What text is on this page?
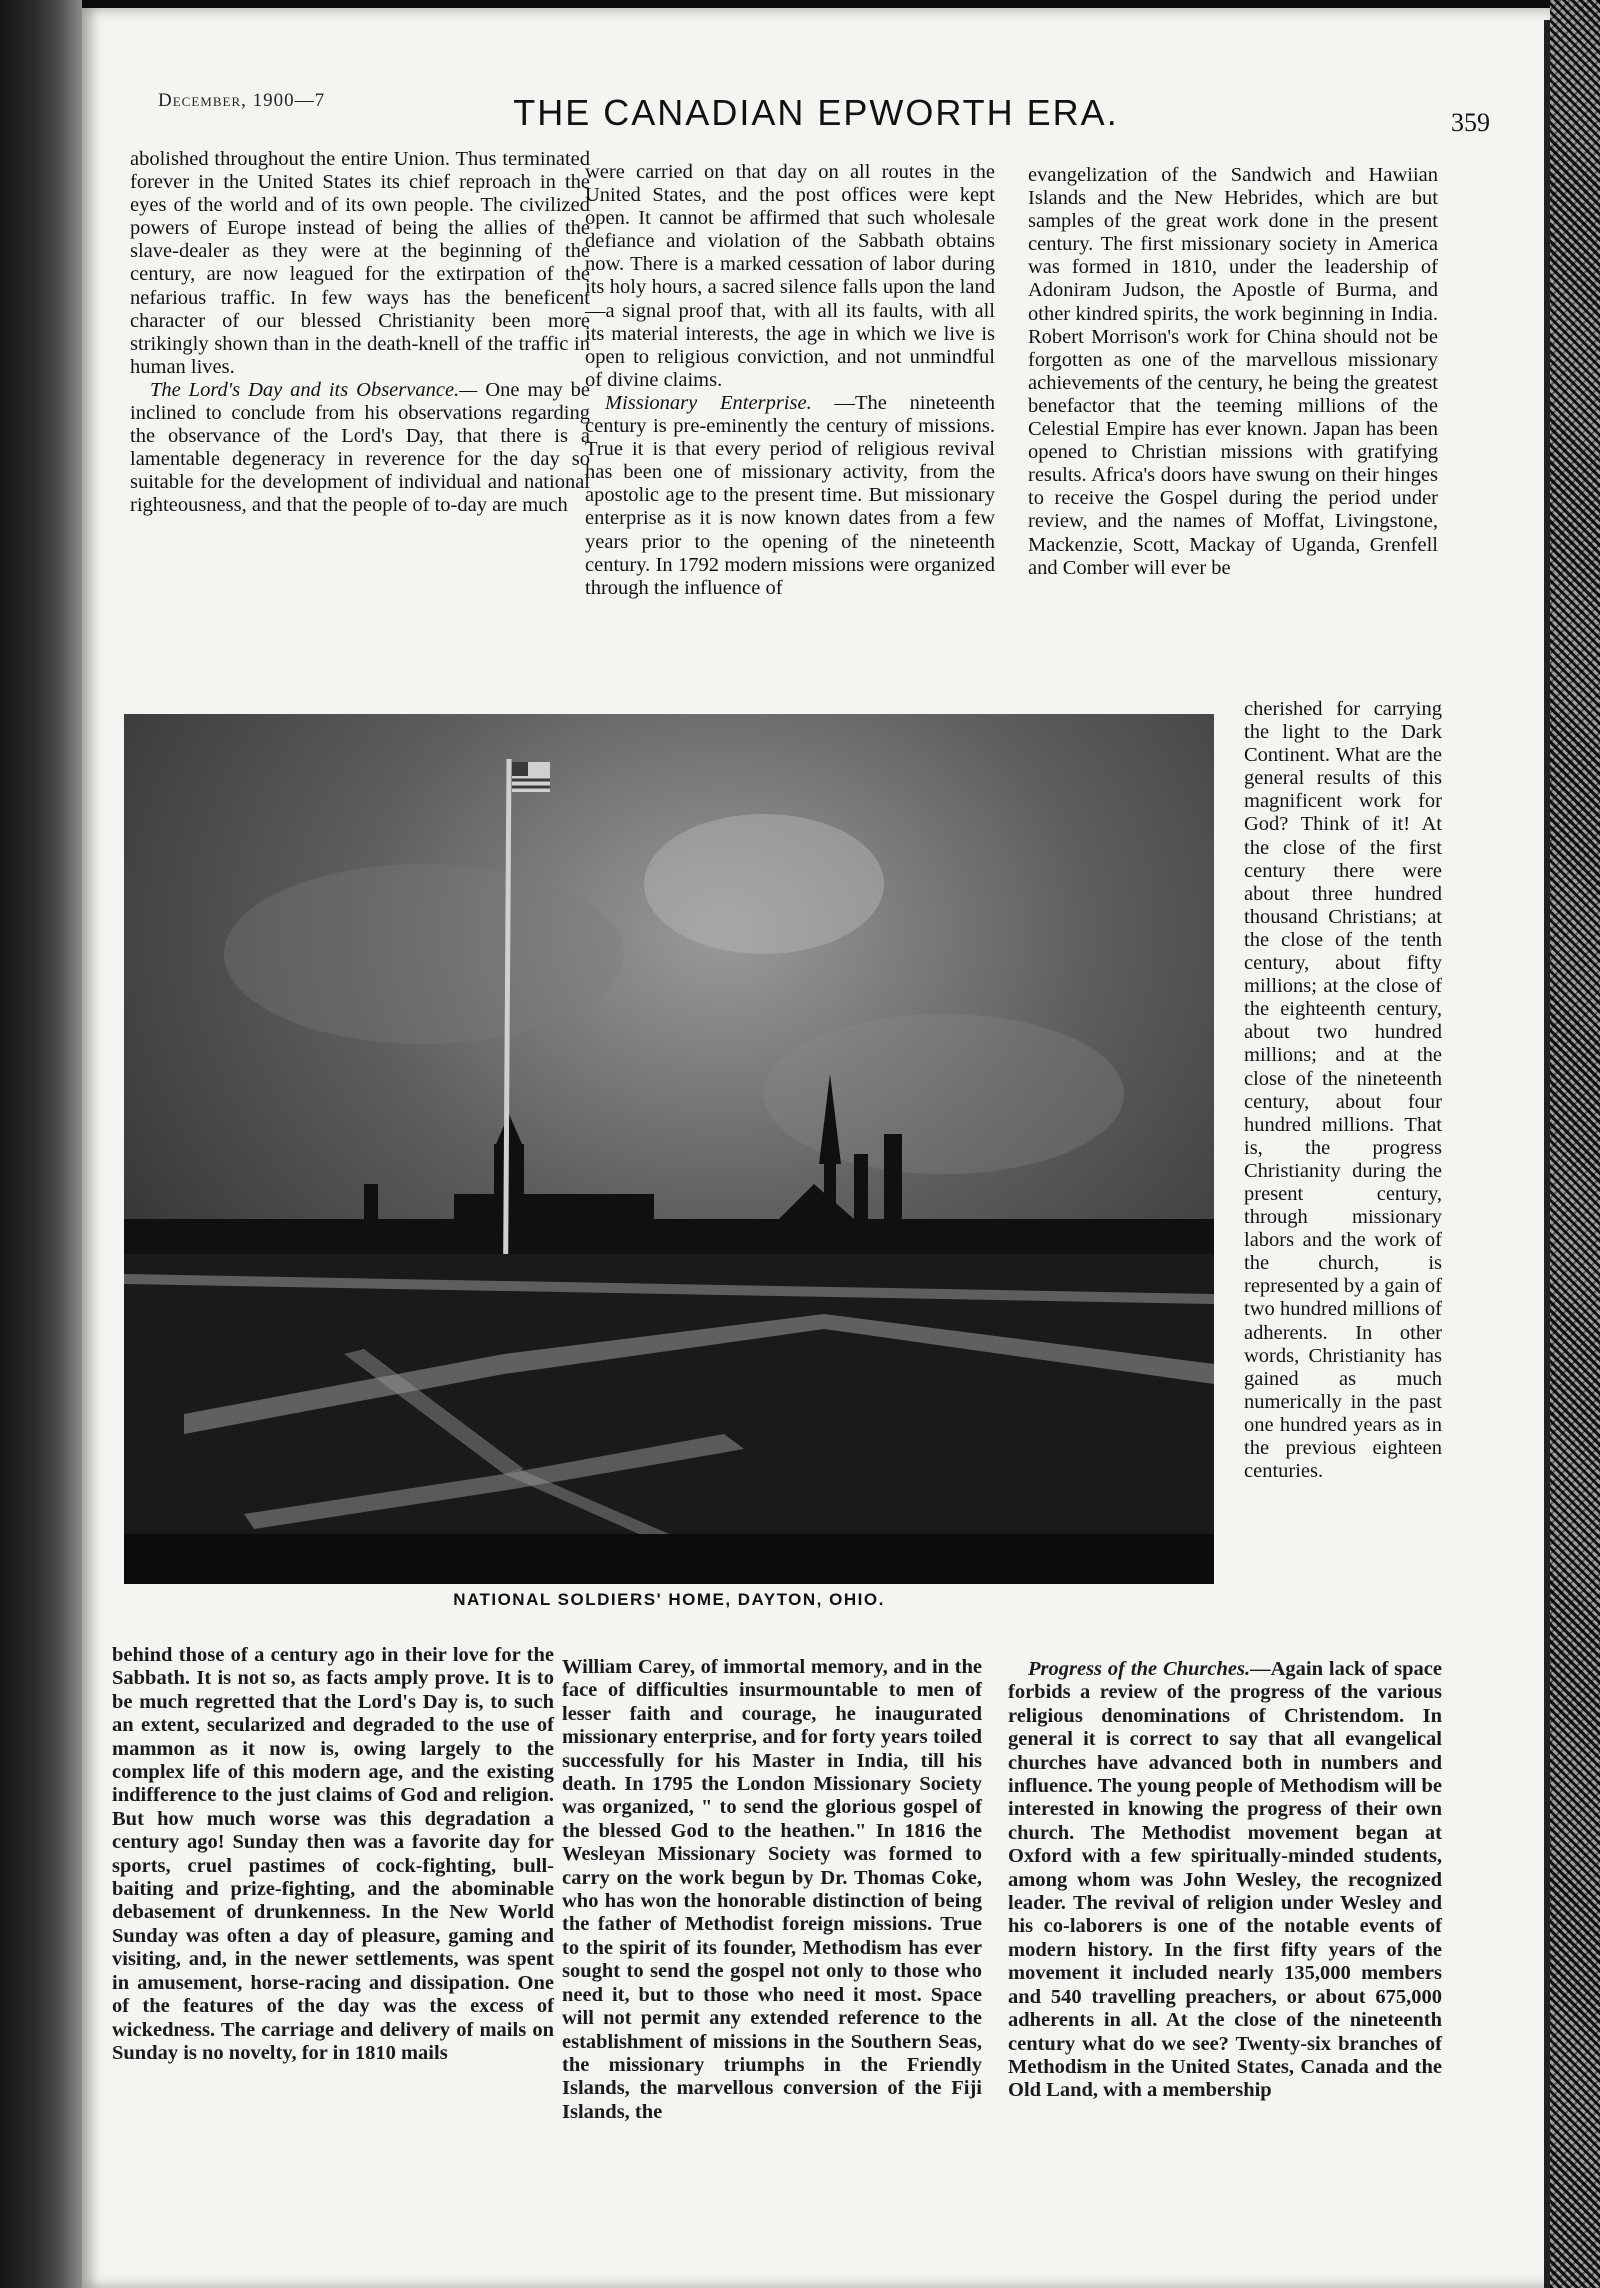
December, 1900—7	THE CANADIAN EPWORTH ERA.	359

abolished throughout the entire Union. Thus terminated forever in the United States its chief reproach in the eyes of the world and of its own people. The civilized powers of Europe instead of being the allies of the slave-dealer as they were at the beginning of the century, are now leagued for the extirpation of the nefarious traffic. In few ways has the beneficent character of our blessed Christianity been more strikingly shown than in the death-knell of the traffic in human lives.

The Lord's Day and its Observance.— One may be inclined to conclude from his observations regarding the observance of the Lord's Day, that there is a lamentable degeneracy in reverence for the day so suitable for the development of individual and national righteousness, and that the people of to-day are much

were carried on that day on all routes in the United States, and the post offices were kept open. It cannot be affirmed that such wholesale defiance and violation of the Sabbath obtains now. There is a marked cessation of labor during its holy hours, a sacred silence falls upon the land —a signal proof that, with all its faults, with all its material interests, the age in which we live is open to religious conviction, and not unmindful of divine claims.

Missionary Enterprise. —The nineteenth century is pre-eminently the century of missions. True it is that every period of religious revival has been one of missionary activity, from the apostolic age to the present time. But missionary enterprise as it is now known dates from a few years prior to the opening of the nineteenth century. In 1792 modern missions were organized through the influence of

evangelization of the Sandwich and Hawiian Islands and the New Hebrides, which are but samples of the great work done in the present century. The first missionary society in America was formed in 1810, under the leadership of Adoniram Judson, the Apostle of Burma, and other kindred spirits, the work beginning in India. Robert Morrison's work for China should not be forgotten as one of the marvellous missionary achievements of the century, he being the greatest benefactor that the teeming millions of the Celestial Empire has ever known. Japan has been opened to Christian missions with gratifying results. Africa's doors have swung on their hinges to receive the Gospel during the period under review, and the names of Moffat, Livingstone, Mackenzie, Scott, Mackay of Uganda, Grenfell and Comber will ever be

cherished for carrying the light to the Dark Continent. What are the general results of this magnificent work for God? Think of it! At the close of the first century there were about three hundred thousand Christians; at the close of the tenth century, about fifty millions; at the close of the eighteenth century, about two hundred millions; and at the close of the nineteenth century, about four hundred millions. That is, the progress Christianity during the present century, through missionary labors and the work of the church, is represented by a gain of two hundred millions of adherents. In other words, Christianity has gained as much numerically in the past one hundred years as in the previous eighteen centuries.

NATIONAL SOLDIERS' HOME, DAYTON, OHIO.

behind those of a century ago in their love for the Sabbath. It is not so, as facts amply prove. It is to be much regretted that the Lord's Day is, to such an extent, secularized and degraded to the use of mammon as it now is, owing largely to the complex life of this modern age, and the existing indifference to the just claims of God and religion. But how much worse was this degradation a century ago! Sunday then was a favorite day for sports, cruel pastimes of cock-fighting, bull-baiting and prize-fighting, and the abominable debasement of drunkenness. In the New World Sunday was often a day of pleasure, gaming and visiting, and, in the newer settlements, was spent in amusement, horse-racing and dissipation. One of the features of the day was the excess of wickedness. The carriage and delivery of mails on Sunday is no novelty, for in 1810 mails

William Carey, of immortal memory, and in the face of difficulties insurmountable to men of lesser faith and courage, he inaugurated missionary enterprise, and for forty years toiled successfully for his Master in India, till his death. In 1795 the London Missionary Society was organized, " to send the glorious gospel of the blessed God to the heathen." In 1816 the Wesleyan Missionary Society was formed to carry on the work begun by Dr. Thomas Coke, who has won the honorable distinction of being the father of Methodist foreign missions. True to the spirit of its founder, Methodism has ever sought to send the gospel not only to those who need it, but to those who need it most. Space will not permit any extended reference to the establishment of missions in the Southern Seas, the missionary triumphs in the Friendly Islands, the marvellous conversion of the Fiji Islands, the

Progress of the Churches.—Again lack of space forbids a review of the progress of the various religious denominations of Christendom. In general it is correct to say that all evangelical churches have advanced both in numbers and influence. The young people of Methodism will be interested in knowing the progress of their own church. The Methodist movement began at Oxford with a few spiritually-minded students, among whom was John Wesley, the recognized leader. The revival of religion under Wesley and his co-laborers is one of the notable events of modern history. In the first fifty years of the movement it included nearly 135,000 members and 540 travelling preachers, or about 675,000 adherents in all. At the close of the nineteenth century what do we see? Twenty-six branches of Methodism in the United States, Canada and the Old Land, with a membership
